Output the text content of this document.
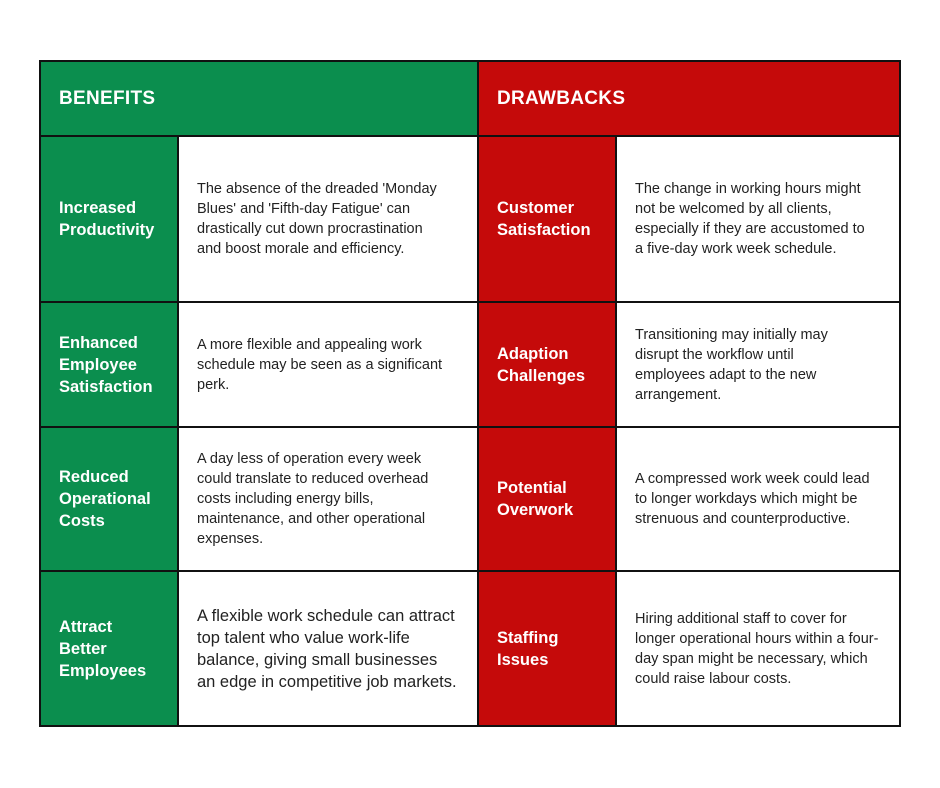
BENEFITS	DRAWBACKS
Increased Productivity
The absence of the dreaded 'Monday Blues' and 'Fifth-day Fatigue' can drastically cut down procrastination and boost morale and efficiency.
Customer Satisfaction
The change in working hours might not be welcomed by all clients, especially if they are accustomed to a five-day work week schedule.
Enhanced Employee Satisfaction
A more flexible and appealing work schedule may be seen as a significant perk.
Adaption Challenges
Transitioning may initially may disrupt the workflow until employees adapt to the new arrangement.
Reduced Operational Costs
A day less of operation every week could translate to reduced overhead costs including energy bills, maintenance, and other operational expenses.
Potential Overwork
A compressed work week could lead to longer workdays which might be strenuous and counterproductive.
Attract Better Employees
A flexible work schedule can attract top talent who value work-life balance, giving small businesses an edge in competitive job markets.
Staffing Issues
Hiring additional staff to cover for longer operational hours within a four-day span might be necessary, which could raise labour costs.
